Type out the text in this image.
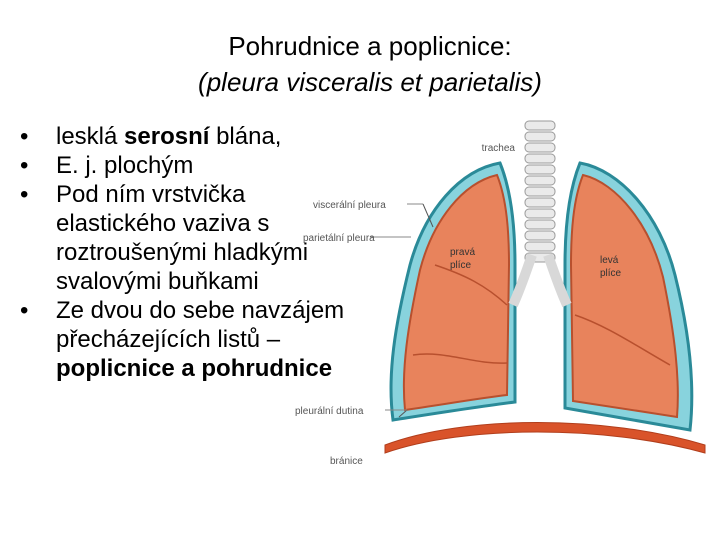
Pohrudnice a poplicnice:
(pleura visceralis et parietalis)
trachea
viscerální pleura
parietální pleura
pravá
plíce	levá
plíce
pleurální dutina
bránice
• lesklá serosní blána,
• E. j. plochým
• Pod ním vrstvička elastického vaziva s roztroušenými hladkými svalovými buňkami
• Ze dvou do sebe navzájem přecházejících listů – poplicnice a pohrudnice
